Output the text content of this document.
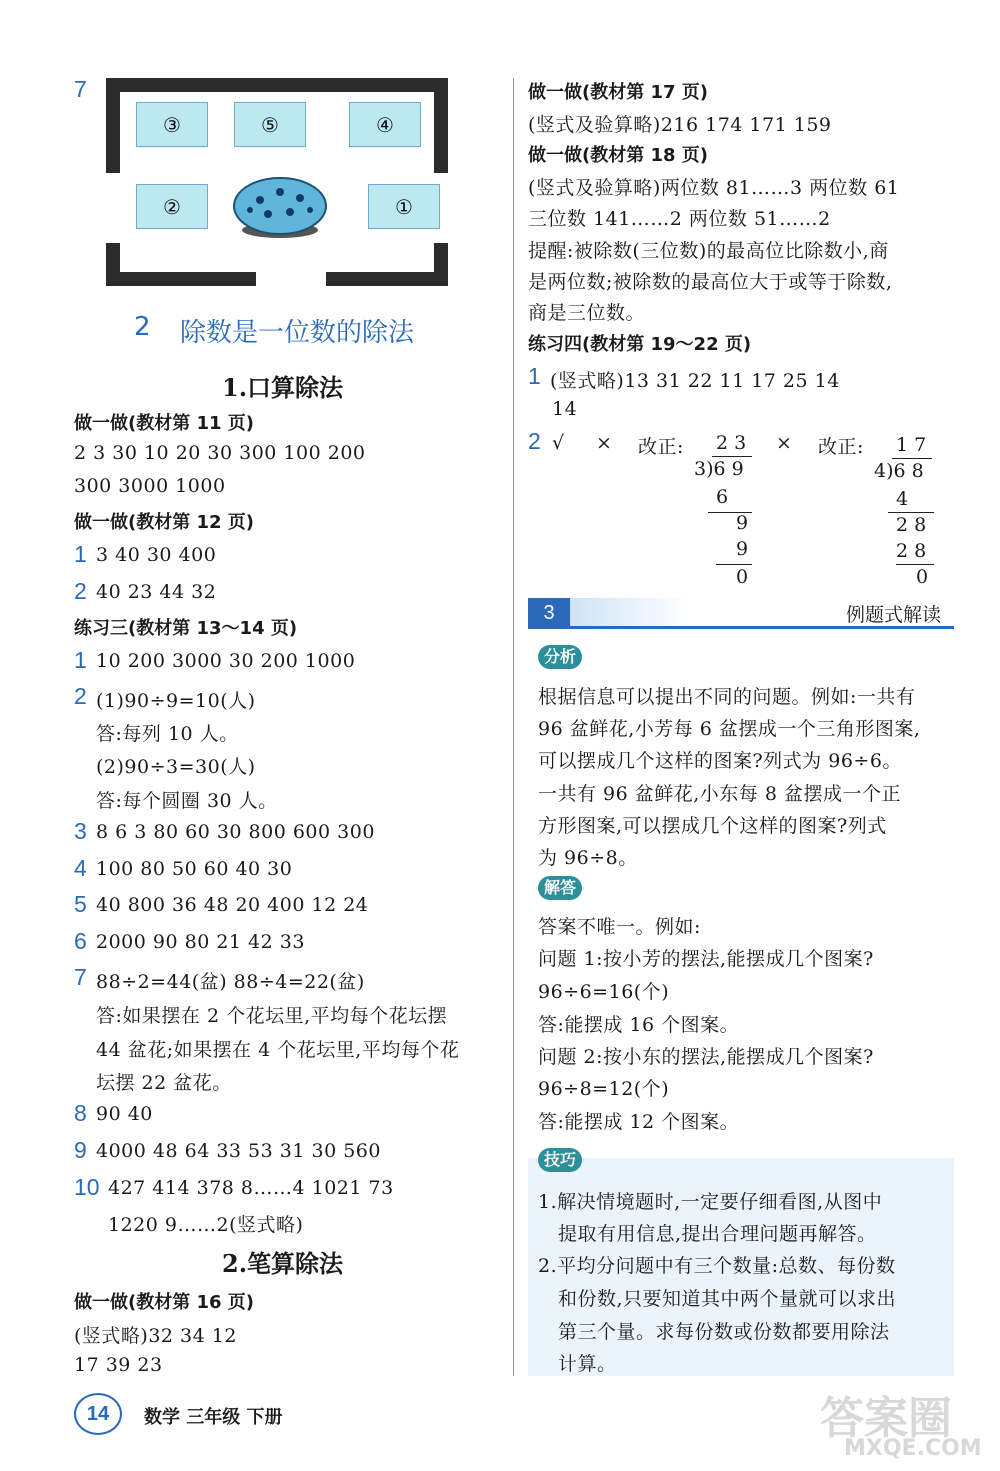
7
③	⑤	④
②	①
2 除数是一位数的除法
1.口算除法
做一做(教材第 11 页)
2 3 30 10 20 30 300 100 200
300 3000 1000
做一做(教材第 12 页)
1 3 40 30 400
2 40 23 44 32
练习三(教材第 13～14 页)
1 10 200 3000 30 200 1000
2 (1)90÷9=10(人)
答:每列 10 人。
(2)90÷3=30(人)
答:每个圆圈 30 人。
3 8 6 3 80 60 30 800 600 300
4 100 80 50 60 40 30
5 40 800 36 48 20 400 12 24
6 2000 90 80 21 42 33
7 88÷2=44(盆) 88÷4=22(盆)
答:如果摆在 2 个花坛里,平均每个花坛摆
44 盆花;如果摆在 4 个花坛里,平均每个花
坛摆 22 盆花。
8 90 40
9 4000 48 64 33 53 31 30 560
10 427 414 378 8……4 1021 73
1220 9……2(竖式略)
2.笔算除法
做一做(教材第 16 页)
(竖式略)32 34 12
17 39 23
做一做(教材第 17 页)
(竖式及验算略)216 174 171 159
做一做(教材第 18 页)
(竖式及验算略)两位数 81……3 两位数 61
三位数 141……2 两位数 51……2
提醒:被除数(三位数)的最高位比除数小,商
是两位数;被除数的最高位大于或等于除数,
商是三位数。
练习四(教材第 19～22 页)
1 (竖式略)13 31 22 11 17 25 14
14
2 √ × 改正:	× 改正:
2 3
3)6 9
6
9
9
0
1 7
4)6 8
4
2 8
2 8
0
3	例题式解读
分析
根据信息可以提出不同的问题。例如:一共有
96 盆鲜花,小芳每 6 盆摆成一个三角形图案,
可以摆成几个这样的图案?列式为 96÷6。
一共有 96 盆鲜花,小东每 8 盆摆成一个正
方形图案,可以摆成几个这样的图案?列式
为 96÷8。
解答
答案不唯一。例如:
问题 1:按小芳的摆法,能摆成几个图案?
96÷6=16(个)
答:能摆成 16 个图案。
问题 2:按小东的摆法,能摆成几个图案?
96÷8=12(个)
答:能摆成 12 个图案。
技巧
1.解决情境题时,一定要仔细看图,从图中
提取有用信息,提出合理问题再解答。
2.平均分问题中有三个数量:总数、每份数
和份数,只要知道其中两个量就可以求出
第三个量。求每份数或份数都要用除法
计算。
14	数学 三年级 下册	答案圈
MXQE.COM
